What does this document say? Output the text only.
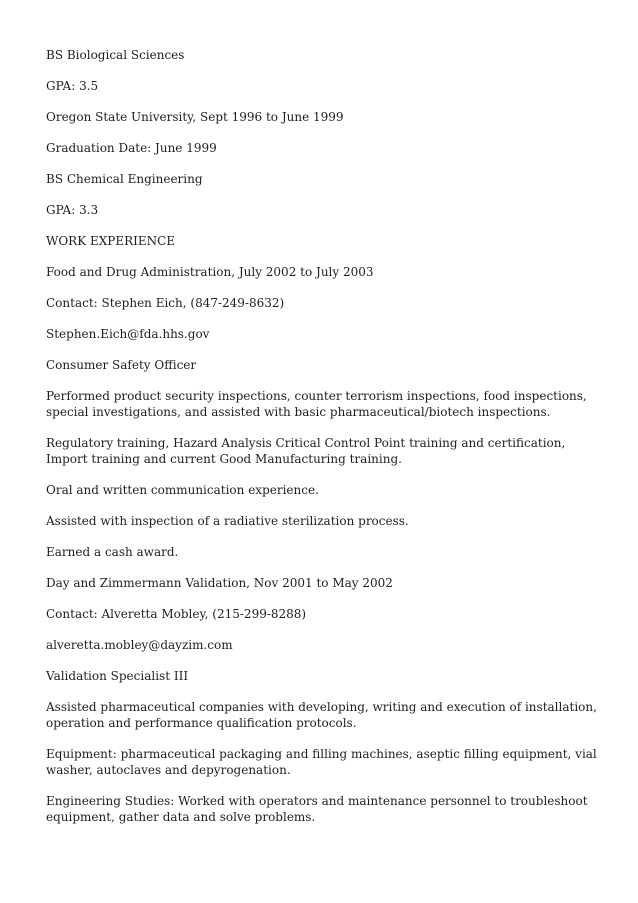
BS Biological Sciences

GPA: 3.5

Oregon State University, Sept 1996 to June 1999

Graduation Date: June 1999

BS Chemical Engineering

GPA: 3.3

WORK EXPERIENCE

Food and Drug Administration, July 2002 to July 2003

Contact: Stephen Eich, (847-249-8632)

Stephen.Eich@fda.hhs.gov

Consumer Safety Officer

Performed product security inspections, counter terrorism inspections, food inspections, special investigations, and assisted with basic pharmaceutical/biotech inspections.

Regulatory training, Hazard Analysis Critical Control Point training and certification, Import training and current Good Manufacturing training.

Oral and written communication experience.

Assisted with inspection of a radiative sterilization process.

Earned a cash award.

Day and Zimmermann Validation, Nov 2001 to May 2002

Contact: Alveretta Mobley, (215-299-8288)

alveretta.mobley@dayzim.com

Validation Specialist III

Assisted pharmaceutical companies with developing, writing and execution of installation, operation and performance qualification protocols.

Equipment: pharmaceutical packaging and filling machines, aseptic filling equipment, vial washer, autoclaves and depyrogenation.

Engineering Studies: Worked with operators and maintenance personnel to troubleshoot equipment, gather data and solve problems.
